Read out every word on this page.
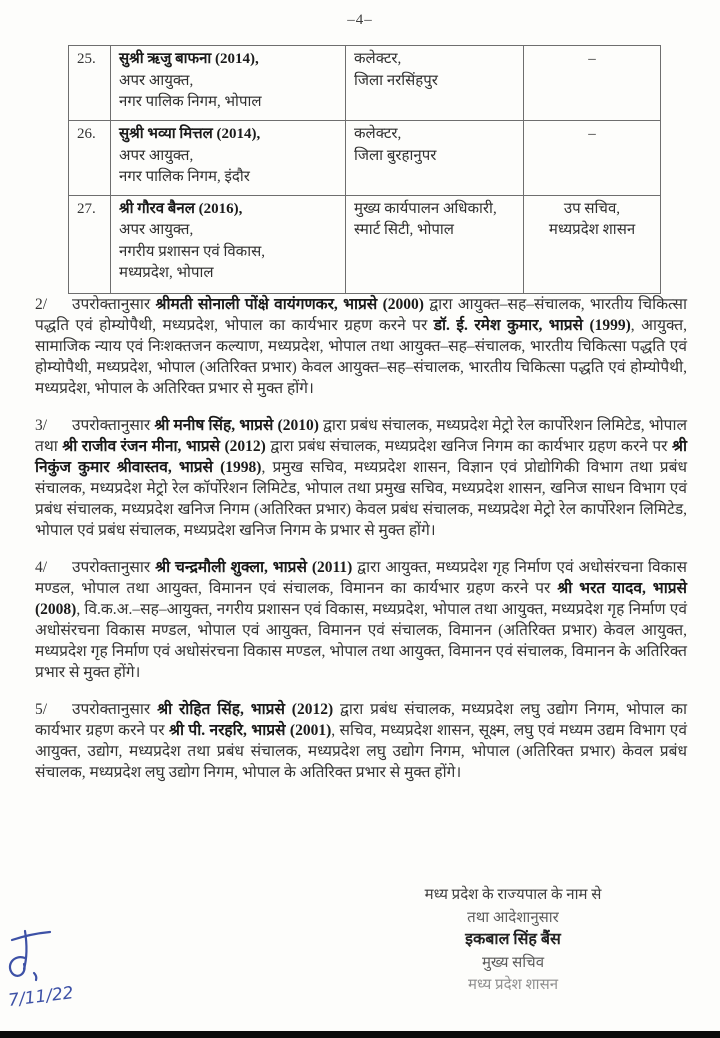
–4–
25.	सुश्री ऋजु बाफना (2014),
अपर आयुक्त,
नगर पालिक निगम, भोपाल

कलेक्टर,
जिला नरसिंहपुर

–

26.	सुश्री भव्या मित्तल (2014),
अपर आयुक्त,
नगर पालिक निगम, इंदौर

कलेक्टर,
जिला बुरहानुपर

–

27.	श्री गौरव बैनल (2016),
अपर आयुक्त,
नगरीय प्रशासन एवं विकास,
मध्यप्रदेश, भोपाल

मुख्य कार्यपालन अधिकारी,
स्मार्ट सिटी, भोपाल

उप सचिव,
मध्यप्रदेश शासन
2/ उपरोक्तानुसार श्रीमती सोनाली पोंक्षे वायंगणकर, भाप्रसे (2000) द्वारा आयुक्त–सह–संचालक, भारतीय चिकित्सा पद्धति एवं होम्योपैथी, मध्यप्रदेश, भोपाल का कार्यभार ग्रहण करने पर डॉ. ई. रमेश कुमार, भाप्रसे (1999), आयुक्त, सामाजिक न्याय एवं निःशक्तजन कल्याण, मध्यप्रदेश, भोपाल तथा आयुक्त–सह–संचालक, भारतीय चिकित्सा पद्धति एवं होम्योपैथी, मध्यप्रदेश, भोपाल (अतिरिक्त प्रभार) केवल आयुक्त–सह–संचालक, भारतीय चिकित्सा पद्धति एवं होम्योपैथी, मध्यप्रदेश, भोपाल के अतिरिक्त प्रभार से मुक्त होंगे।
3/ उपरोक्तानुसार श्री मनीष सिंह, भाप्रसे (2010) द्वारा प्रबंध संचालक, मध्यप्रदेश मेट्रो रेल कार्पोरेशन लिमिटेड, भोपाल तथा श्री राजीव रंजन मीना, भाप्रसे (2012) द्वारा प्रबंध संचालक, मध्यप्रदेश खनिज निगम का कार्यभार ग्रहण करने पर श्री निकुंज कुमार श्रीवास्तव, भाप्रसे (1998), प्रमुख सचिव, मध्यप्रदेश शासन, विज्ञान एवं प्रोद्योगिकी विभाग तथा प्रबंध संचालक, मध्यप्रदेश मेट्रो रेल कॉर्पोरेशन लिमिटेड, भोपाल तथा प्रमुख सचिव, मध्यप्रदेश शासन, खनिज साधन विभाग एवं प्रबंध संचालक, मध्यप्रदेश खनिज निगम (अतिरिक्त प्रभार) केवल प्रबंध संचालक, मध्यप्रदेश मेट्रो रेल कार्पोरेशन लिमिटेड, भोपाल एवं प्रबंध संचालक, मध्यप्रदेश खनिज निगम के प्रभार से मुक्त होंगे।
4/ उपरोक्तानुसार श्री चन्द्रमौली शुक्ला, भाप्रसे (2011) द्वारा आयुक्त, मध्यप्रदेश गृह निर्माण एवं अधोसंरचना विकास मण्डल, भोपाल तथा आयुक्त, विमानन एवं संचालक, विमानन का कार्यभार ग्रहण करने पर श्री भरत यादव, भाप्रसे (2008), वि.क.अ.–सह–आयुक्त, नगरीय प्रशासन एवं विकास, मध्यप्रदेश, भोपाल तथा आयुक्त, मध्यप्रदेश गृह निर्माण एवं अधोसंरचना विकास मण्डल, भोपाल एवं आयुक्त, विमानन एवं संचालक, विमानन (अतिरिक्त प्रभार) केवल आयुक्त, मध्यप्रदेश गृह निर्माण एवं अधोसंरचना विकास मण्डल, भोपाल तथा आयुक्त, विमानन एवं संचालक, विमानन के अतिरिक्त प्रभार से मुक्त होंगे।
5/ उपरोक्तानुसार श्री रोहित सिंह, भाप्रसे (2012) द्वारा प्रबंध संचालक, मध्यप्रदेश लघु उद्योग निगम, भोपाल का कार्यभार ग्रहण करने पर श्री पी. नरहरि, भाप्रसे (2001), सचिव, मध्यप्रदेश शासन, सूक्ष्म, लघु एवं मध्यम उद्यम विभाग एवं आयुक्त, उद्योग, मध्यप्रदेश तथा प्रबंध संचालक, मध्यप्रदेश लघु उद्योग निगम, भोपाल (अतिरिक्त प्रभार) केवल प्रबंध संचालक, मध्यप्रदेश लघु उद्योग निगम, भोपाल के अतिरिक्त प्रभार से मुक्त होंगे।
मध्य प्रदेश के राज्यपाल के नाम से
तथा आदेशानुसार
इकबाल सिंह बैंस
मुख्य सचिव
मध्य प्रदेश शासन
7/11/22
